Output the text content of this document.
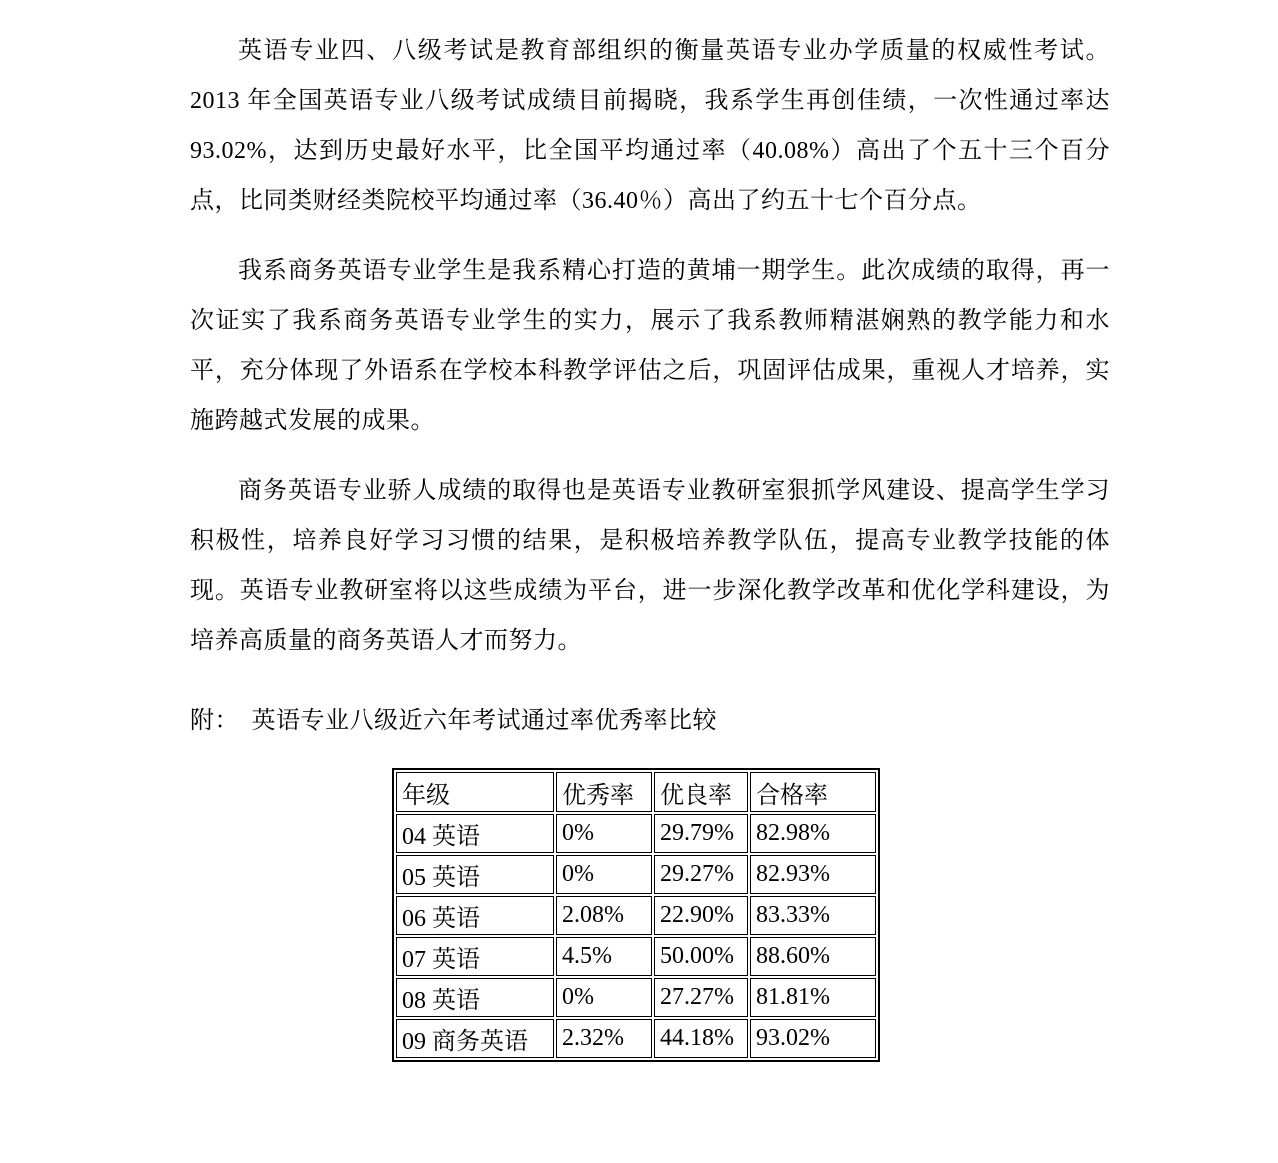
英语专业四、八级考试是教育部组织的衡量英语专业办学质量的权威性考试。2013 年全国英语专业八级考试成绩目前揭晓，我系学生再创佳绩，一次性通过率达 93.02%，达到历史最好水平，比全国平均通过率（40.08%）高出了个五十三个百分点，比同类财经类院校平均通过率（36.40％）高出了约五十七个百分点。

我系商务英语专业学生是我系精心打造的黄埔一期学生。此次成绩的取得，再一次证实了我系商务英语专业学生的实力，展示了我系教师精湛娴熟的教学能力和水平，充分体现了外语系在学校本科教学评估之后，巩固评估成果，重视人才培养，实施跨越式发展的成果。

商务英语专业骄人成绩的取得也是英语专业教研室狠抓学风建设、提高学生学习积极性，培养良好学习习惯的结果，是积极培养教学队伍，提高专业教学技能的体现。英语专业教研室将以这些成绩为平台，进一步深化教学改革和优化学科建设，为培养高质量的商务英语人才而努力。

附：　英语专业八级近六年考试通过率优秀率比较

年级	优秀率	优良率	合格率
04 英语	0%	29.79%	82.98%
05 英语	0%	29.27%	82.93%
06 英语	2.08%	22.90%	83.33%
07 英语	4.5%	50.00%	88.60%
08 英语	0%	27.27%	81.81%
09 商务英语	2.32%	44.18%	93.02%
